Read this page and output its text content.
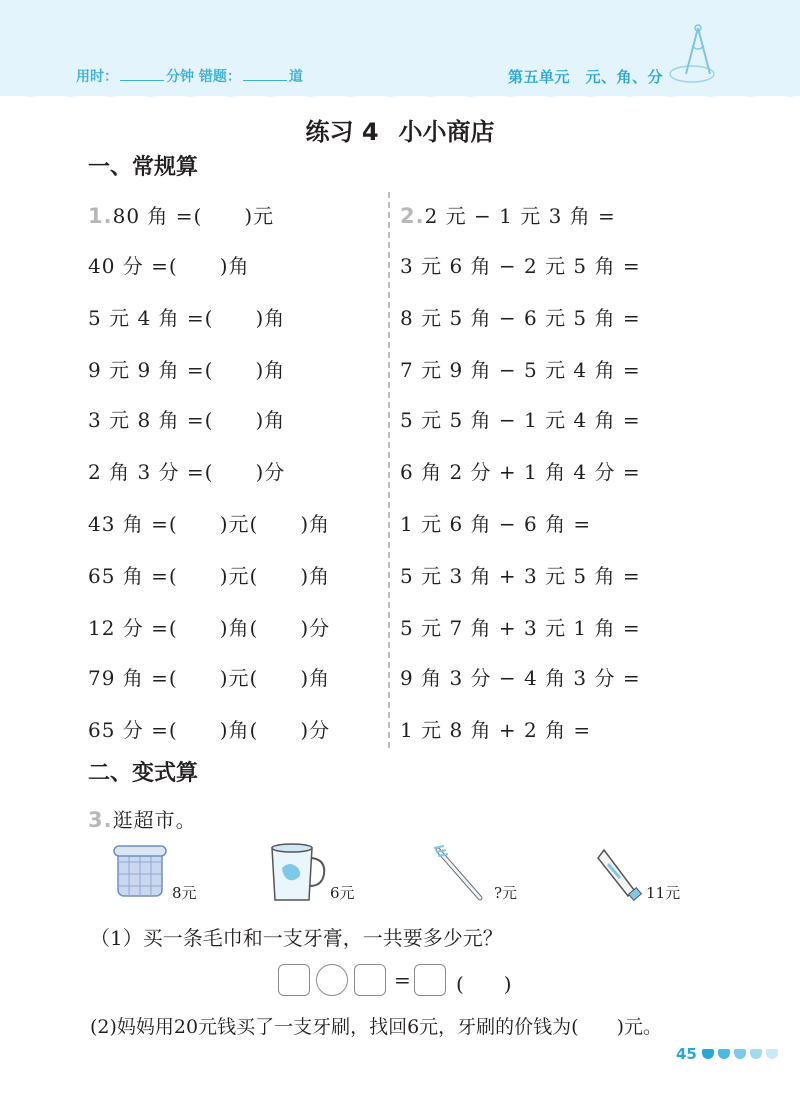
用时：	分钟 错题：	道	第五单元　元、角、分
练习 4 小小商店
一、常规算
1.80 角 =(　　)元
40 分 =(　　)角
5 元 4 角 =(　　)角
9 元 9 角 =(　　)角
3 元 8 角 =(　　)角
2 角 3 分 =(　　)分
43 角 =(　　)元(　　)角
65 角 =(　　)元(　　)角
12 分 =(　　)角(　　)分
79 角 =(　　)元(　　)角
65 分 =(　　)角(　　)分
2.2 元 − 1 元 3 角 =
3 元 6 角 − 2 元 5 角 =
8 元 5 角 − 6 元 5 角 =
7 元 9 角 − 5 元 4 角 =
5 元 5 角 − 1 元 4 角 =
6 角 2 分 + 1 角 4 分 =
1 元 6 角 − 6 角 =
5 元 3 角 + 3 元 5 角 =
5 元 7 角 + 3 元 1 角 =
9 角 3 分 − 4 角 3 分 =
1 元 8 角 + 2 角 =
二、变式算
3.逛超市。
8元	6元	?元	11元
（1）买一条毛巾和一支牙膏，一共要多少元？
= (　　)
(2)妈妈用20元钱买了一支牙刷，找回6元，牙刷的价钱为(　　)元。
45
